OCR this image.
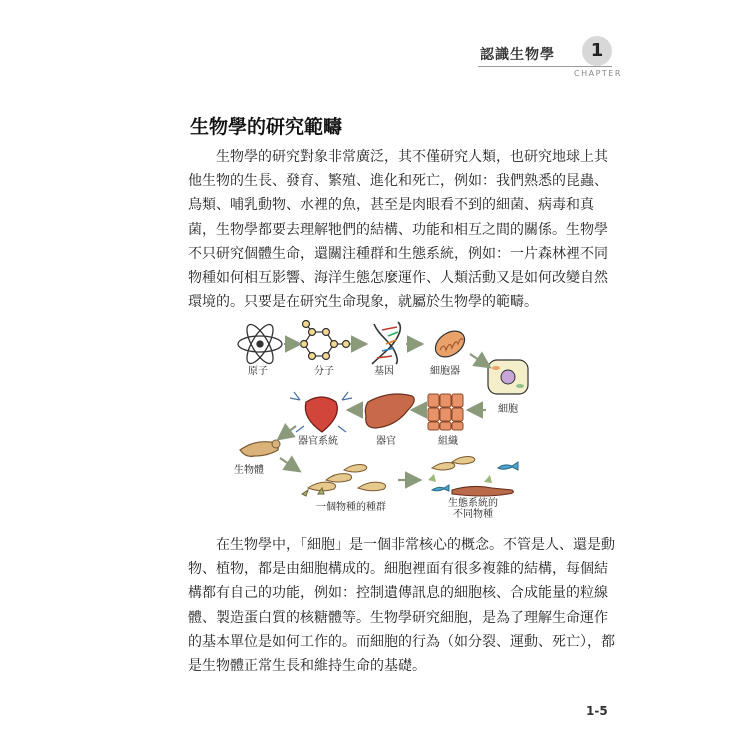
認識生物學	1
CHAPTER
生物學的研究範疇
生物學的研究對象非常廣泛，其不僅研究人類，也研究地球上其
他生物的生長、發育、繁殖、進化和死亡，例如：我們熟悉的昆蟲、
鳥類、哺乳動物、水裡的魚，甚至是肉眼看不到的細菌、病毒和真
菌，生物學都要去理解牠們的結構、功能和相互之間的關係。生物學
不只研究個體生命，還關注種群和生態系統，例如：一片森林裡不同
物種如何相互影響、海洋生態怎麼運作、人類活動又是如何改變自然
環境的。只要是在研究生命現象，就屬於生物學的範疇。
原子	分子	基因	細胞器
細胞
組織
器官
器官系統
生物體
一個物種的種群	生態系統的
不同物種
在生物學中，「細胞」是一個非常核心的概念。不管是人、還是動
物、植物，都是由細胞構成的。細胞裡面有很多複雜的結構，每個結
構都有自己的功能，例如：控制遺傳訊息的細胞核、合成能量的粒線
體、製造蛋白質的核糖體等。生物學研究細胞，是為了理解生命運作
的基本單位是如何工作的。而細胞的行為（如分裂、運動、死亡），都
是生物體正常生長和維持生命的基礎。
1-5
